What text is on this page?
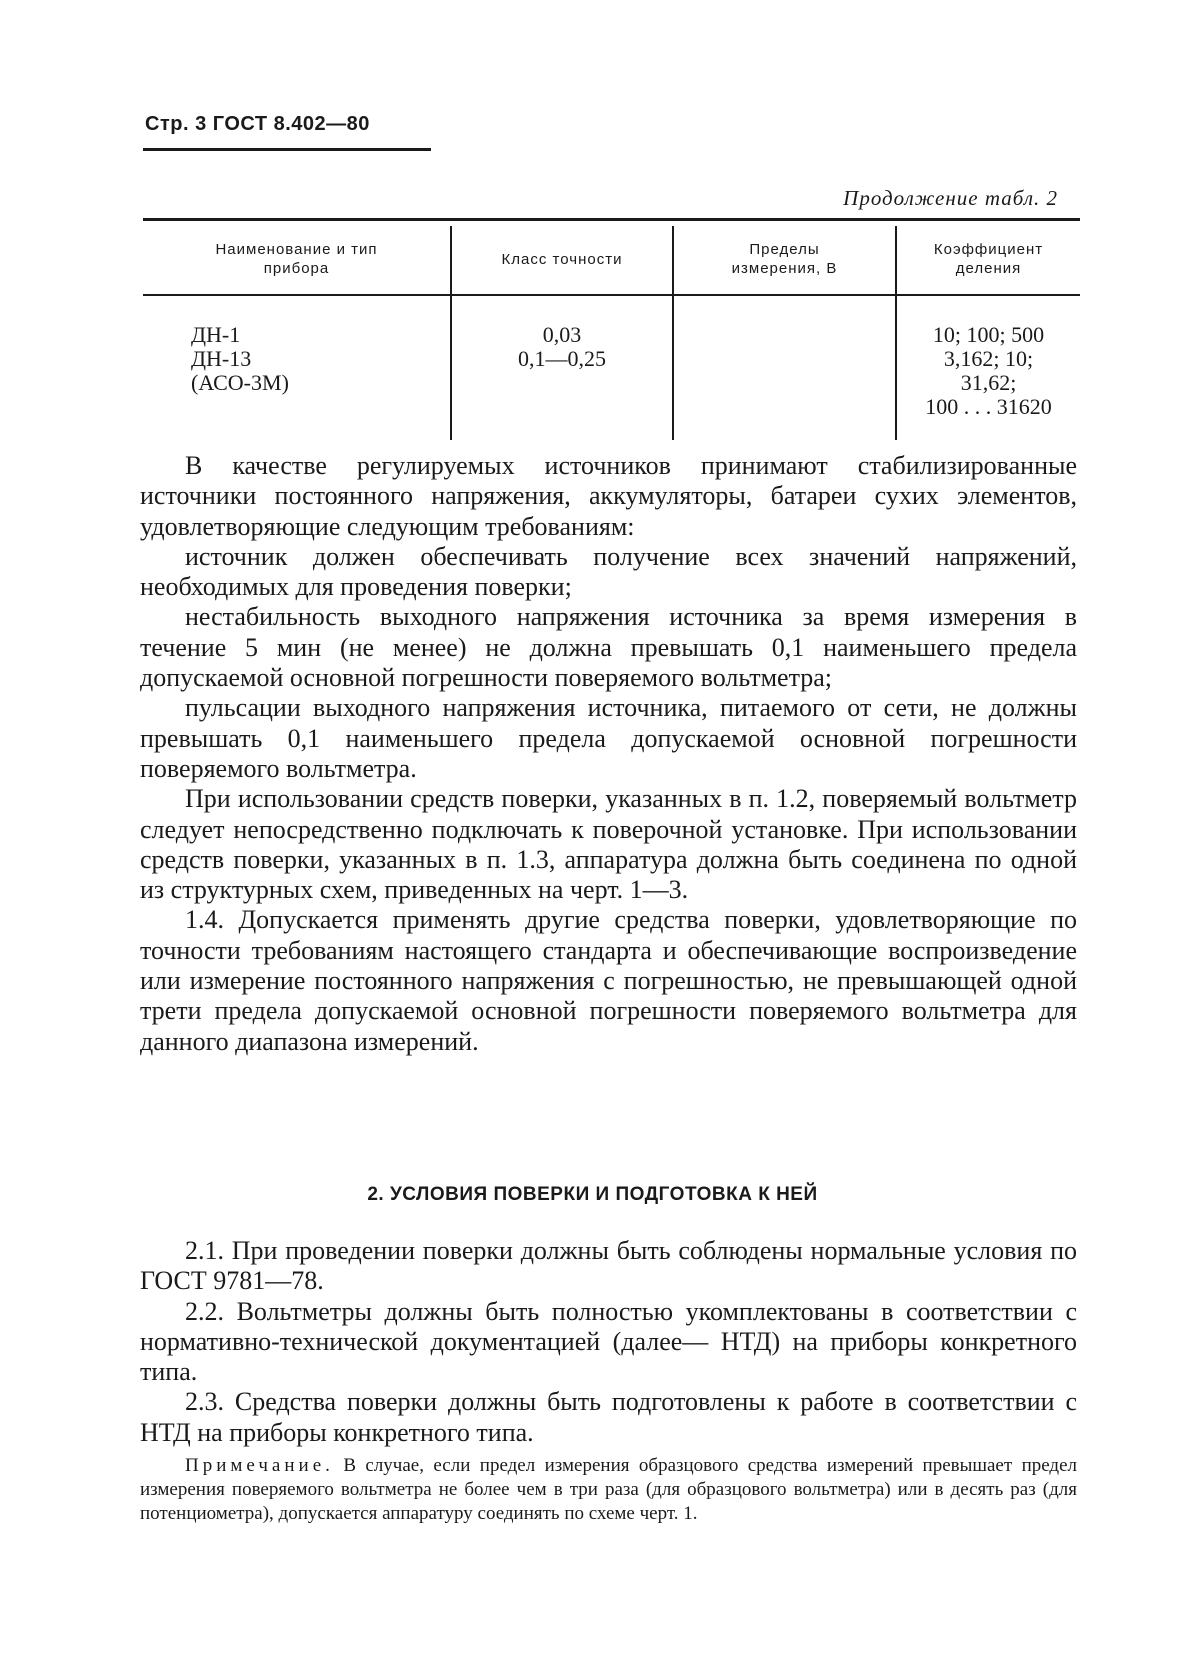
Стр. 3 ГОСТ 8.402—80
Продолжение табл. 2
Наименование и тип
прибора
Класс точности
Пределы
измерения, В
Коэффициент
деления
ДН-1
ДН-13
(АСО-3М)
0,03
0,1—0,25
10; 100; 500
3,162; 10;
31,62;
100 . . . 31620

В качестве регулируемых источников принимают стабилизированные источники постоянного напряжения, аккумуляторы, батареи сухих элементов, удовлетворяющие следующим требованиям:

источник должен обеспечивать получение всех значений напряжений, необходимых для проведения поверки;

нестабильность выходного напряжения источника за время измерения в течение 5 мин (не менее) не должна превышать 0,1 наименьшего предела допускаемой основной погрешности поверяемого вольтметра;

пульсации выходного напряжения источника, питаемого от сети, не должны превышать 0,1 наименьшего предела допускаемой основной погрешности поверяемого вольтметра.

При использовании средств поверки, указанных в п. 1.2, поверяемый вольтметр следует непосредственно подключать к поверочной установке. При использовании средств поверки, указанных в п. 1.3, аппаратура должна быть соединена по одной из структурных схем, приведенных на черт. 1—3.

1.4. Допускается применять другие средства поверки, удовлетворяющие по точности требованиям настоящего стандарта и обеспечивающие воспроизведение или измерение постоянного напряжения с погрешностью, не превышающей одной трети предела допускаемой основной погрешности поверяемого вольтметра для данного диапазона измерений.

2. УСЛОВИЯ ПОВЕРКИ И ПОДГОТОВКА К НЕЙ

2.1. При проведении поверки должны быть соблюдены нормальные условия по ГОСТ 9781—78.

2.2. Вольтметры должны быть полностью укомплектованы в соответствии с нормативно-технической документацией (далее— НТД) на приборы конкретного типа.

2.3. Средства поверки должны быть подготовлены к работе в соответствии с НТД на приборы конкретного типа.

Примечание. В случае, если предел измерения образцового средства измерений превышает предел измерения поверяемого вольтметра не более чем в три раза (для образцового вольтметра) или в десять раз (для потенциометра), допускается аппаратуру соединять по схеме черт. 1.
